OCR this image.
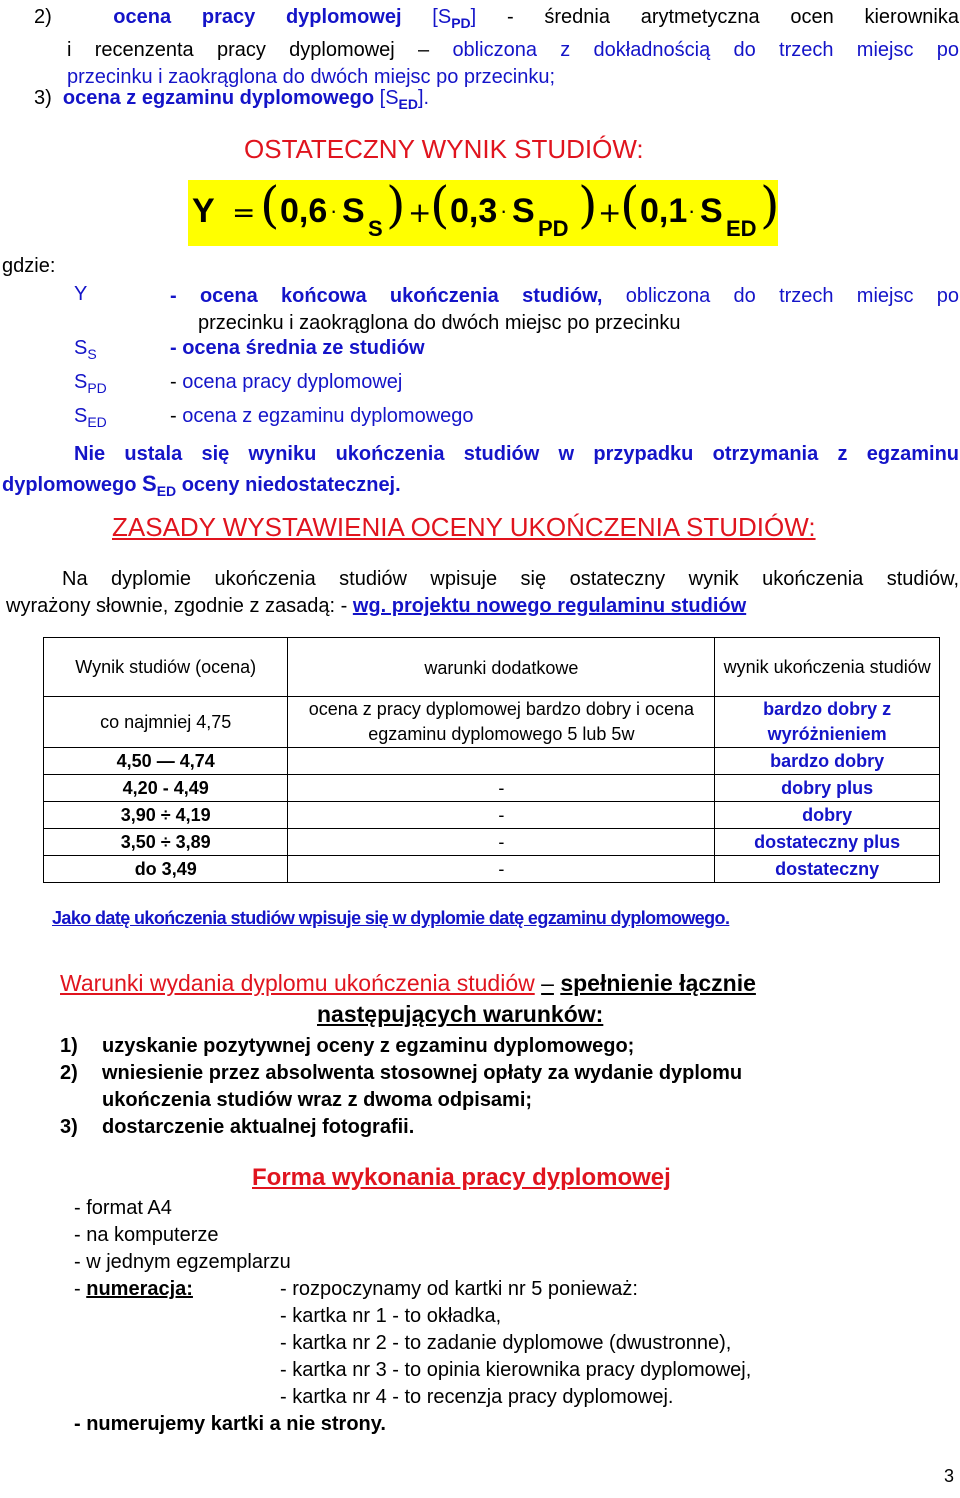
2)	ocena pracy dyplomowej $[S_{PD}]$ - średnia arytmetyczna ocen kierownika
i recenzenta pracy dyplomowej – obliczona z dokładnością do trzech miejsc po
przecinku i zaokrąglona do dwóch miejsc po przecinku;
3) ocena z egzaminu dyplomowego $[S_{ED}]$.
OSTATECZNY WYNIK STUDIÓW:
Y = ( 0,6 · S S ) +
( 0,3 · S PD ) +
( 0,1 · S ED )
gdzie:
Y	- ocena końcowa ukończenia studiów, obliczona do trzech miejsc po
przecinku i zaokrąglona do dwóch miejsc po przecinku
$S_S$	- ocena średnia ze studiów
$S_{PD}$	- ocena pracy dyplomowej
$S_{ED}$	- ocena z egzaminu dyplomowego
Nie ustala się wyniku ukończenia studiów w przypadku otrzymania z egzaminu
dyplomowego $S_{ED}$ oceny niedostatecznej.
ZASADY WYSTAWIENIA OCENY UKOŃCZENIA STUDIÓW:
Na dyplomie ukończenia studiów wpisuje się ostateczny wynik ukończenia studiów,
wyrażony słownie, zgodnie z zasadą: - wg. projektu nowego regulaminu studiów
Wynik studiów (ocena)	warunki dodatkowe	wynik ukończenia studiów
co najmniej 4,75	ocena z pracy dyplomowej bardzo dobry i ocena egzaminu dyplomowego 5 lub 5w	bardzo dobry z wyróżnieniem
4,50 — 4,74		bardzo dobry
4,20 - 4,49	-	dobry plus
3,90 ÷ 4,19	-	dobry
3,50 ÷ 3,89	-	dostateczny plus
do 3,49	-	dostateczny
Jako datę ukończenia studiów wpisuje się w dyplomie datę egzaminu dyplomowego.
Warunki wydania dyplomu ukończenia studiów – spełnienie łącznie
następujących warunków:
1) uzyskanie pozytywnej oceny z egzaminu dyplomowego;
2) wniesienie przez absolwenta stosownej opłaty za wydanie dyplomu
ukończenia studiów wraz z dwoma odpisami;
3) dostarczenie aktualnej fotografii.
Forma wykonania pracy dyplomowej
- format A4
- na komputerze
- w jednym egzemplarzu
- numeracja:	- rozpoczynamy od kartki nr 5 ponieważ:
- kartka nr 1 - to okładka,
- kartka nr 2 - to zadanie dyplomowe (dwustronne),
- kartka nr 3 - to opinia kierownika pracy dyplomowej,
- kartka nr 4 - to recenzja pracy dyplomowej.
- numerujemy kartki a nie strony.
3
